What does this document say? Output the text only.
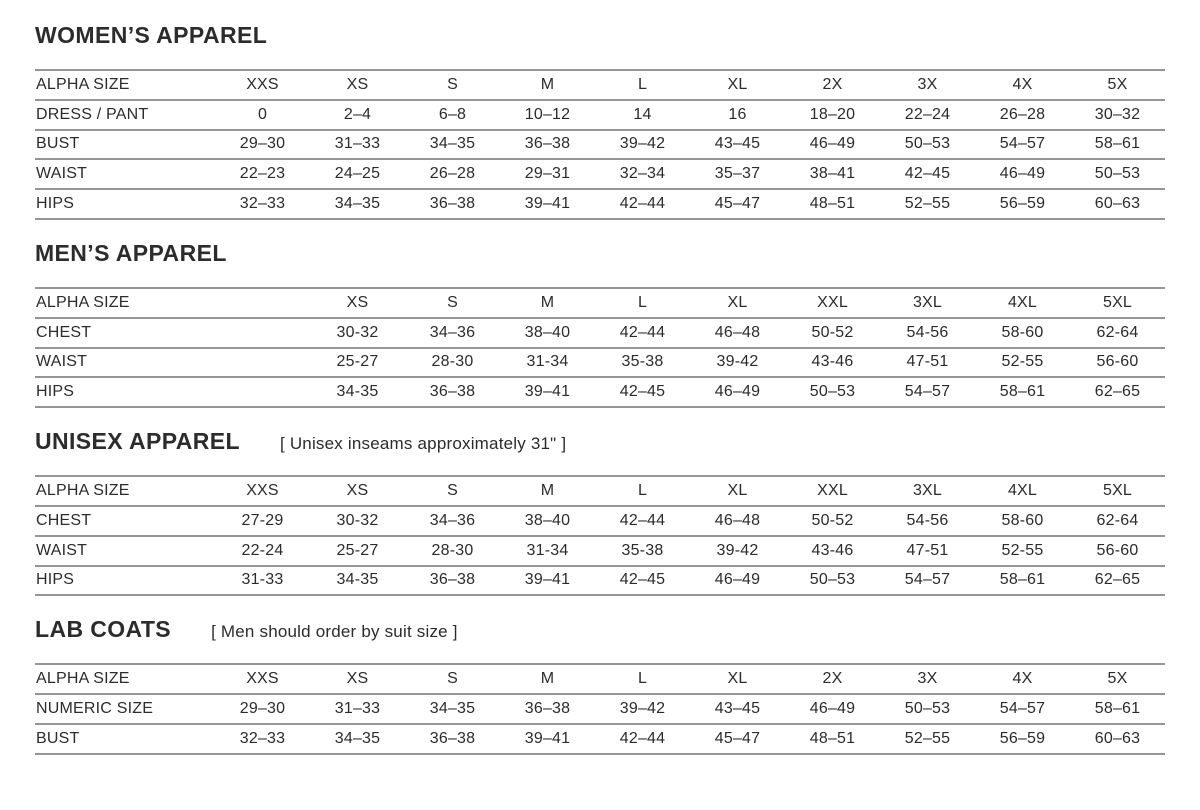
WOMEN’S APPAREL
ALPHA SIZE	XXS	XS	S	M	L	XL	2X	3X	4X	5X
DRESS / PANT	0	2–4	6–8	10–12	14	16	18–20	22–24	26–28	30–32
BUST	29–30	31–33	34–35	36–38	39–42	43–45	46–49	50–53	54–57	58–61
WAIST	22–23	24–25	26–28	29–31	32–34	35–37	38–41	42–45	46–49	50–53
HIPS	32–33	34–35	36–38	39–41	42–44	45–47	48–51	52–55	56–59	60–63
MEN’S APPAREL
ALPHA SIZE		XS	S	M	L	XL	XXL	3XL	4XL	5XL
CHEST		30-32	34–36	38–40	42–44	46–48	50-52	54-56	58-60	62-64
WAIST		25-27	28-30	31-34	35-38	39-42	43-46	47-51	52-55	56-60
HIPS		34-35	36–38	39–41	42–45	46–49	50–53	54–57	58–61	62–65
UNISEX APPAREL [ Unisex inseams approximately 31" ]
ALPHA SIZE	XXS	XS	S	M	L	XL	XXL	3XL	4XL	5XL
CHEST	27-29	30-32	34–36	38–40	42–44	46–48	50-52	54-56	58-60	62-64
WAIST	22-24	25-27	28-30	31-34	35-38	39-42	43-46	47-51	52-55	56-60
HIPS	31-33	34-35	36–38	39–41	42–45	46–49	50–53	54–57	58–61	62–65
LAB COATS [ Men should order by suit size ]
ALPHA SIZE	XXS	XS	S	M	L	XL	2X	3X	4X	5X
NUMERIC SIZE	29–30	31–33	34–35	36–38	39–42	43–45	46–49	50–53	54–57	58–61
BUST	32–33	34–35	36–38	39–41	42–44	45–47	48–51	52–55	56–59	60–63
